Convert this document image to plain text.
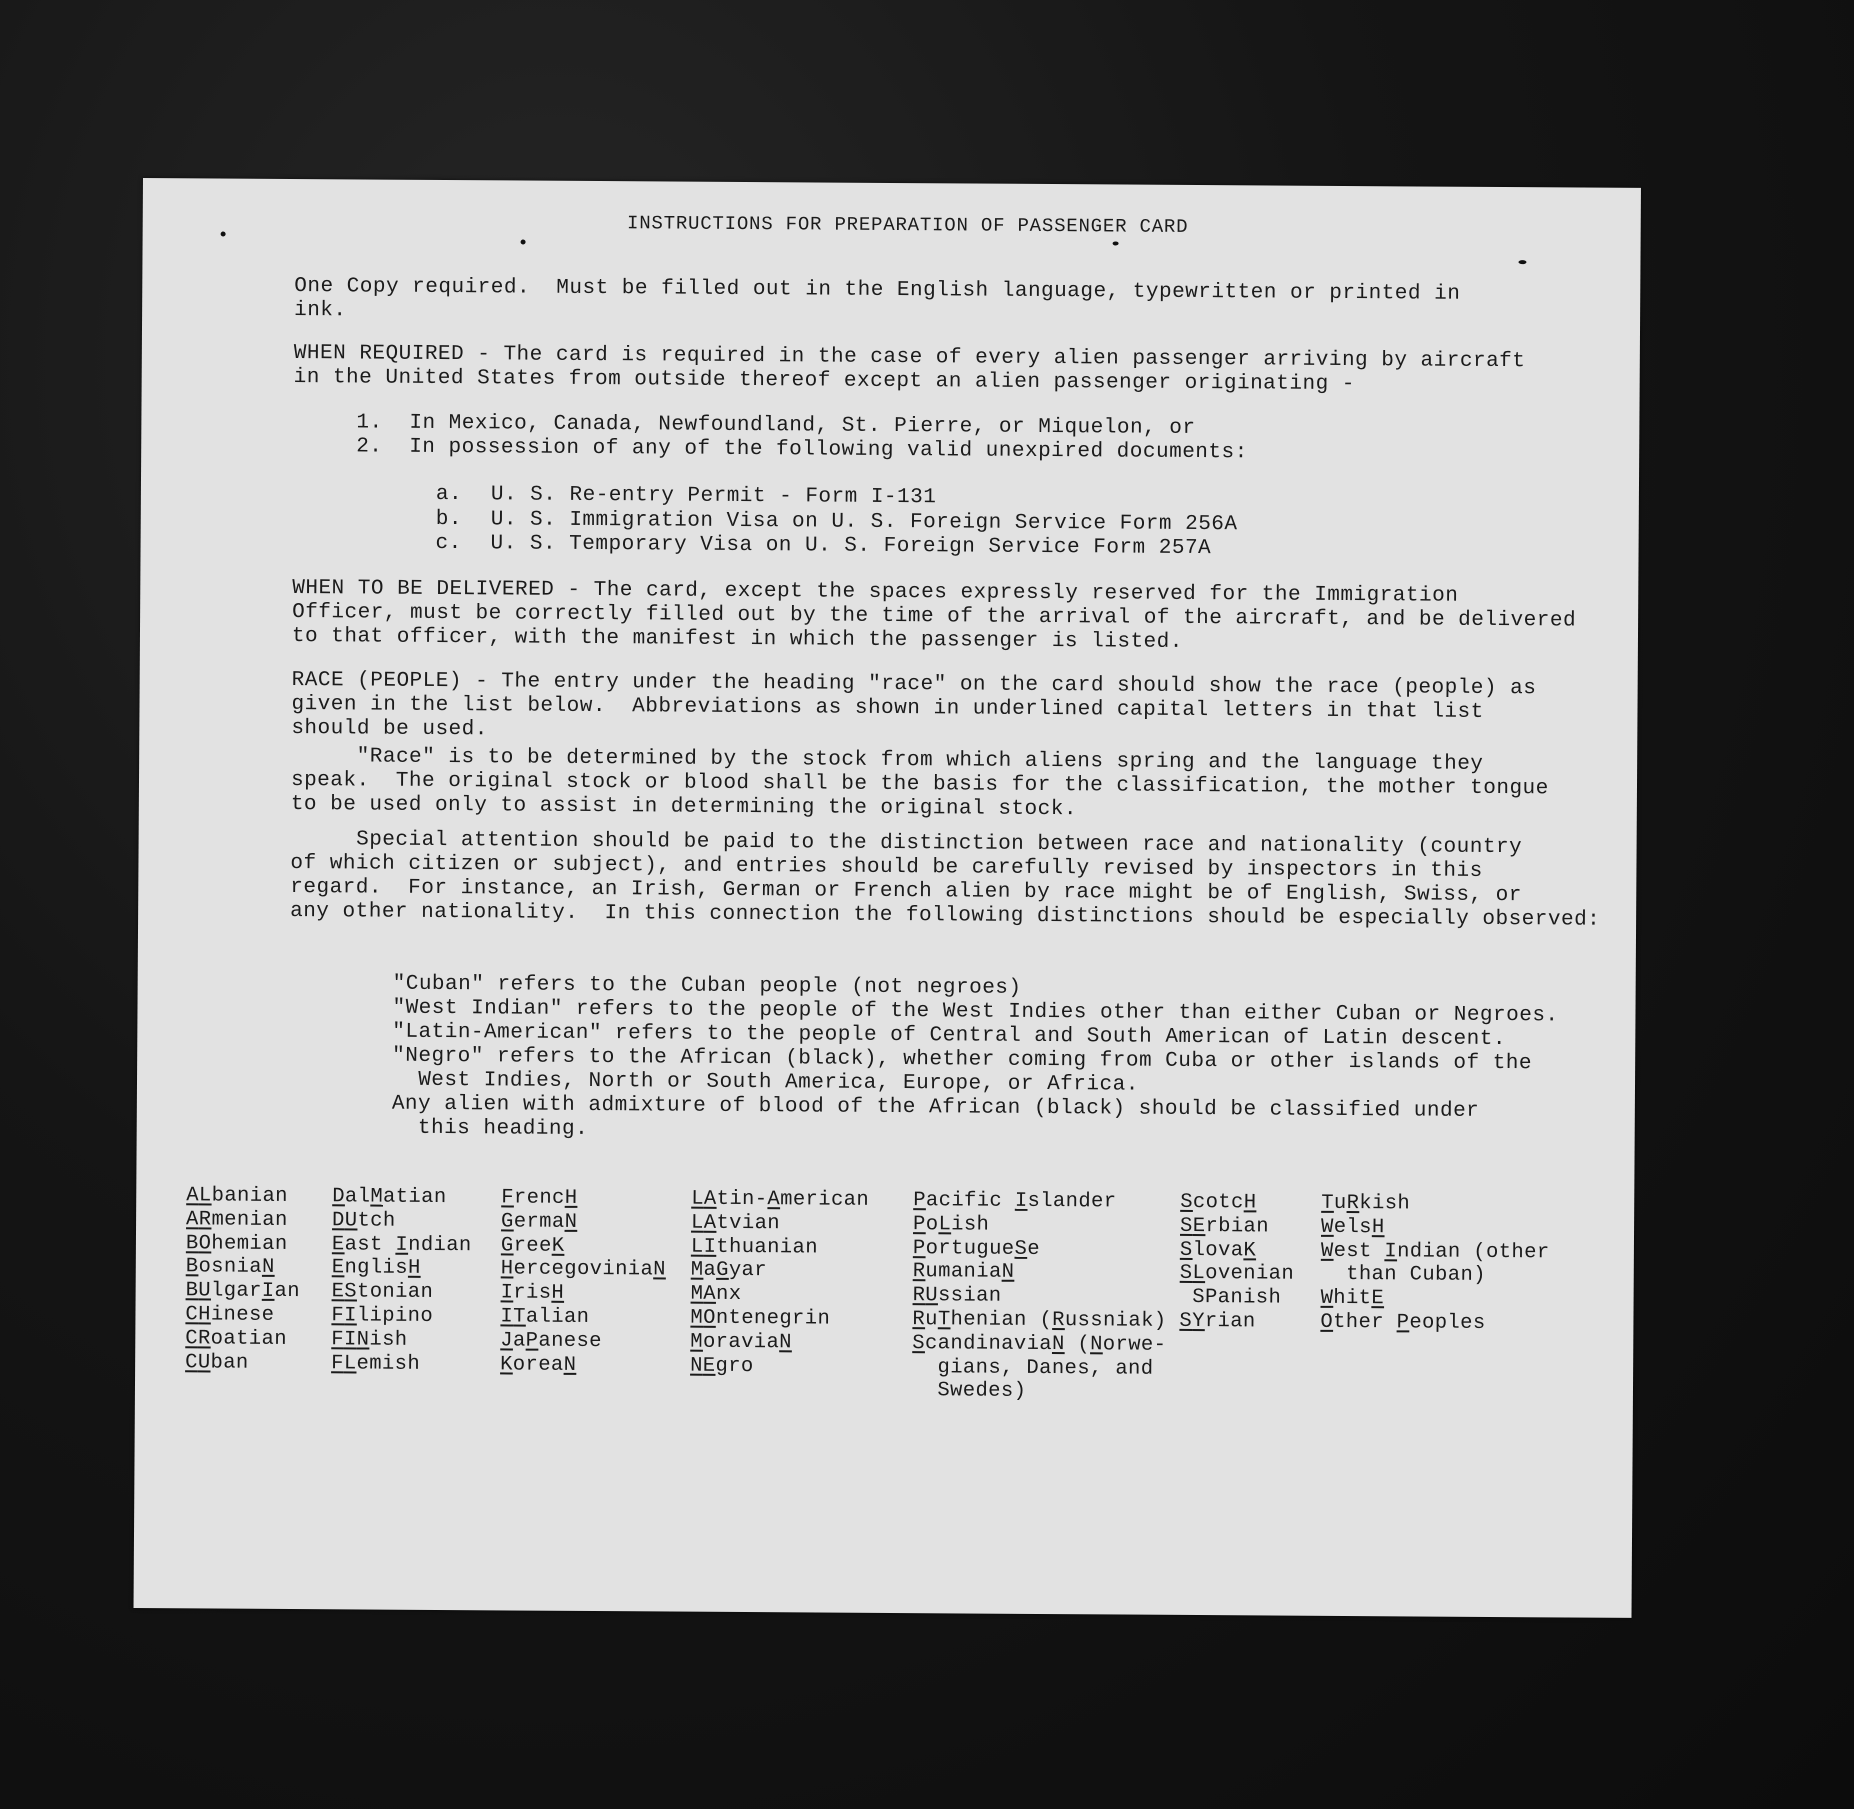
INSTRUCTIONS FOR PREPARATION OF PASSENGER CARD
One Copy required.  Must be filled out in the English language, typewritten or printed in
ink.
WHEN REQUIRED - The card is required in the case of every alien passenger arriving by aircraft
in the United States from outside thereof except an alien passenger originating -
1. In Mexico, Canada, Newfoundland, St. Pierre, or Miquelon, or
2. In possession of any of the following valid unexpired documents:
a. U. S. Re-entry Permit - Form I-131
b. U. S. Immigration Visa on U. S. Foreign Service Form 256A
c. U. S. Temporary Visa on U. S. Foreign Service Form 257A
WHEN TO BE DELIVERED - The card, except the spaces expressly reserved for the Immigration
Officer, must be correctly filled out by the time of the arrival of the aircraft, and be delivered
to that officer, with the manifest in which the passenger is listed.
RACE (PEOPLE) - The entry under the heading "race" on the card should show the race (people) as
given in the list below.  Abbreviations as shown in underlined capital letters in that list
should be used.
"Race" is to be determined by the stock from which aliens spring and the language they
speak.  The original stock or blood shall be the basis for the classification, the mother tongue
to be used only to assist in determining the original stock.
Special attention should be paid to the distinction between race and nationality (country
of which citizen or subject), and entries should be carefully revised by inspectors in this
regard.  For instance, an Irish, German or French alien by race might be of English, Swiss, or
any other nationality.  In this connection the following distinctions should be especially observed:
"Cuban" refers to the Cuban people (not negroes)
"West Indian" refers to the people of the West Indies other than either Cuban or Negroes.
"Latin-American" refers to the people of Central and South American of Latin descent.
"Negro" refers to the African (black), whether coming from Cuba or other islands of the
West Indies, North or South America, Europe, or Africa.
Any alien with admixture of blood of the African (black) should be classified under
this heading.
ALbanian
ARmenian
BOhemian
BosniaN
BUlgarIan
CHinese
CRoatian
CUban
DalMatian
DUtch
East Indian
EnglisH
EStonian
FIlipino
FINish
FLemish
FrencH
GermaN
GreeK
HercegoviniaN
IrisH
ITalian
JaPanese
KoreaN
LAtin-American
LAtvian
LIthuanian
MaGyar
MAnx
MOntenegrin
MoraviaN
NEgro
Pacific Islander
PoLish
PortugueSe
RumaniaN
RUssian
RuThenian (Russniak)
ScandinaviaN (Norwe-
gians, Danes, and
Swedes)
ScotcH
SErbian
SlovaK
SLovenian
SPanish
SYrian
TuRkish
WelsH
West Indian (other
than Cuban)
WhitE
Other Peoples
